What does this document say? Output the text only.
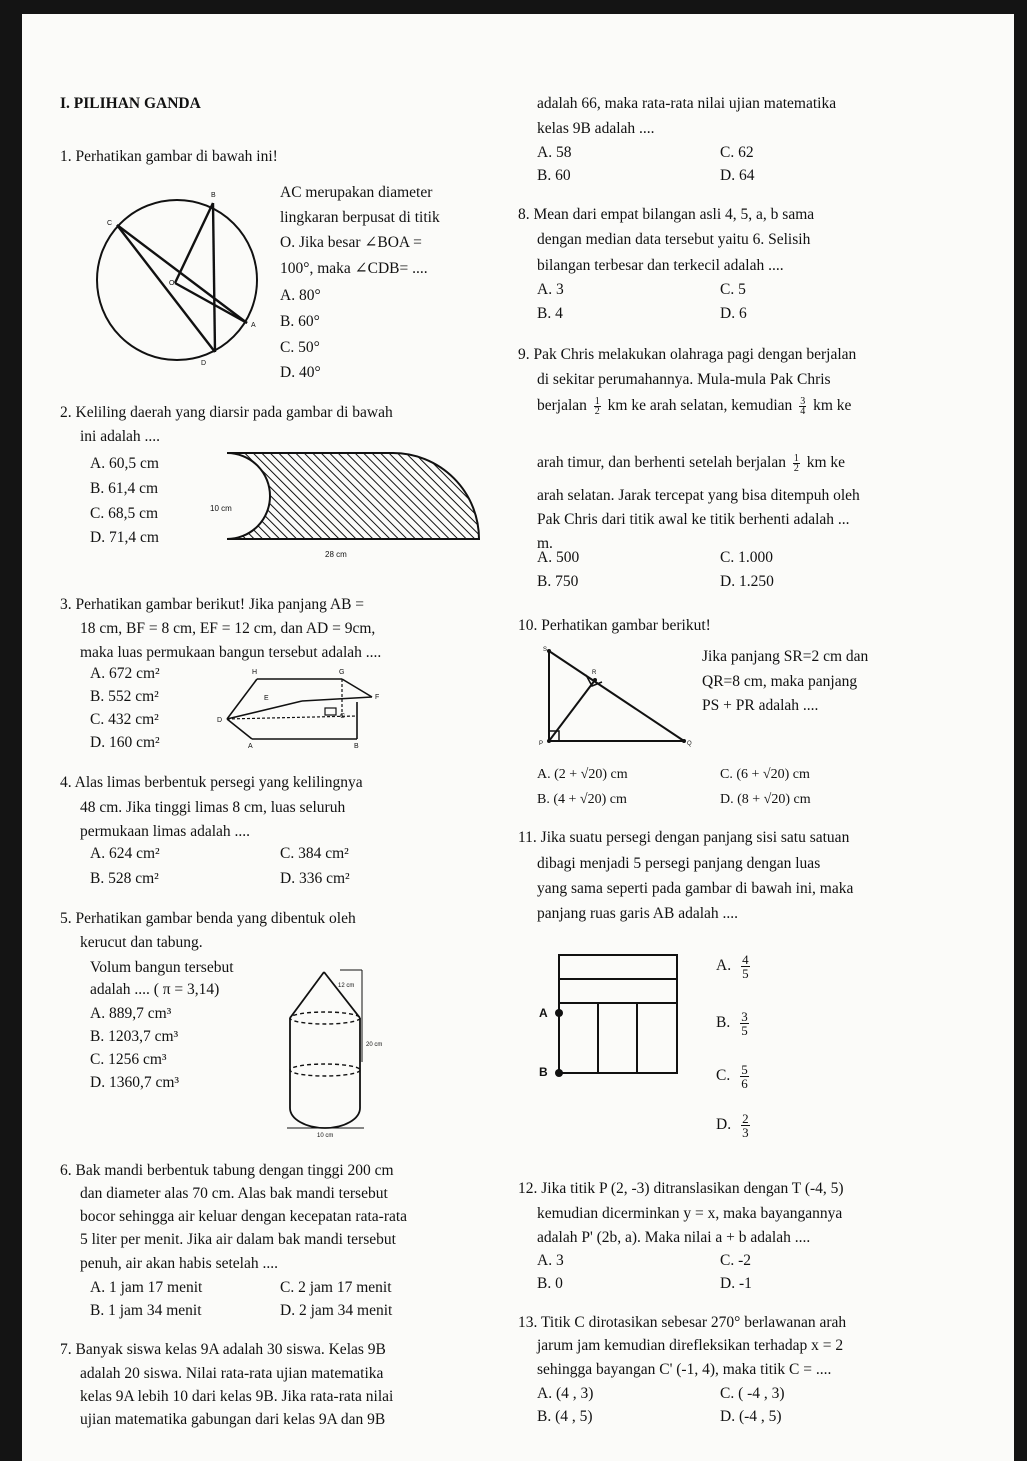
I. PILIHAN GANDA
1. Perhatikan gambar di bawah ini!
AC merupakan diameter
lingkaran berpusat di titik
O. Jika besar ∠BOA =
100°, maka ∠CDB= ....
A. 80°
B. 60°
C. 50°
D. 40°
B
C
O
A
D
2. Keliling daerah yang diarsir pada gambar di bawah
ini adalah ....
A. 60,5 cm
B. 61,4 cm
C. 68,5 cm
D. 71,4 cm
10 cm
28 cm
3. Perhatikan gambar berikut! Jika panjang AB =
18 cm, BF = 8 cm, EF = 12 cm, dan AD = 9cm,
maka luas permukaan bangun tersebut adalah ....
A. 672 cm²
B. 552 cm²
C. 432 cm²
D. 160 cm²
H	G
E	F
D
C
A	B
4. Alas limas berbentuk persegi yang kelilingnya
48 cm. Jika tinggi limas 8 cm, luas seluruh
permukaan limas adalah ....
A. 624 cm²
B. 528 cm²
C. 384 cm²
D. 336 cm²
5. Perhatikan gambar benda yang dibentuk oleh
kerucut dan tabung.
Volum bangun tersebut
adalah .... ( π = 3,14)
A. 889,7 cm³
B. 1203,7 cm³
C. 1256 cm³
D. 1360,7 cm³
12 cm
20 cm
10 cm
6. Bak mandi berbentuk tabung dengan tinggi 200 cm
dan diameter alas 70 cm. Alas bak mandi tersebut
bocor sehingga air keluar dengan kecepatan rata-rata
5 liter per menit. Jika air dalam bak mandi tersebut
penuh, air akan habis setelah ....
A. 1 jam 17 menit
B. 1 jam 34 menit
C. 2 jam 17 menit
D. 2 jam 34 menit
7. Banyak siswa kelas 9A adalah 30 siswa. Kelas 9B
adalah 20 siswa. Nilai rata-rata ujian matematika
kelas 9A lebih 10 dari kelas 9B. Jika rata-rata nilai
ujian matematika gabungan dari kelas 9A dan 9B
adalah 66, maka rata-rata nilai ujian matematika
kelas 9B adalah ....
A. 58
B. 60
C. 62
D. 64
8. Mean dari empat bilangan asli 4, 5, a, b sama
dengan median data tersebut yaitu 6. Selisih
bilangan terbesar dan terkecil adalah ....
A. 3
B. 4
C. 5
D. 6
9. Pak Chris melakukan olahraga pagi dengan berjalan
di sekitar perumahannya. Mula-mula Pak Chris
berjalan $\frac{1}{2}$ km ke arah selatan, kemudian $\frac{3}{4}$ km ke
arah timur, dan berhenti setelah berjalan $\frac{1}{2}$ km ke
arah selatan. Jarak tercepat yang bisa ditempuh oleh
Pak Chris dari titik awal ke titik berhenti adalah ...
m.
A. 500
B. 750
C. 1.000
D. 1.250
10. Perhatikan gambar berikut!
Jika panjang SR=2 cm dan
QR=8 cm, maka panjang
PS + PR adalah ....
S
R
P	Q
A. (2 + √20) cm
B. (4 + √20) cm
C. (6 + √20) cm
D. (8 + √20) cm
11. Jika suatu persegi dengan panjang sisi satu satuan
dibagi menjadi 5 persegi panjang dengan luas
yang sama seperti pada gambar di bawah ini, maka
panjang ruas garis AB adalah ....
A
B
A. $\frac{4}{5}$
B. $\frac{3}{5}$
C. $\frac{5}{6}$
D. $\frac{2}{3}$
12. Jika titik P (2, -3) ditranslasikan dengan T (-4, 5)
kemudian dicerminkan y = x, maka bayangannya
adalah P' (2b, a). Maka nilai a + b adalah ....
A. 3
B. 0
C. -2
D. -1
13. Titik C dirotasikan sebesar 270° berlawanan arah
jarum jam kemudian direfleksikan terhadap x = 2
sehingga bayangan C' (-1, 4), maka titik C = ....
A. (4 , 3)
B. (4 , 5)
C. ( -4 , 3)
D. (-4 , 5)
